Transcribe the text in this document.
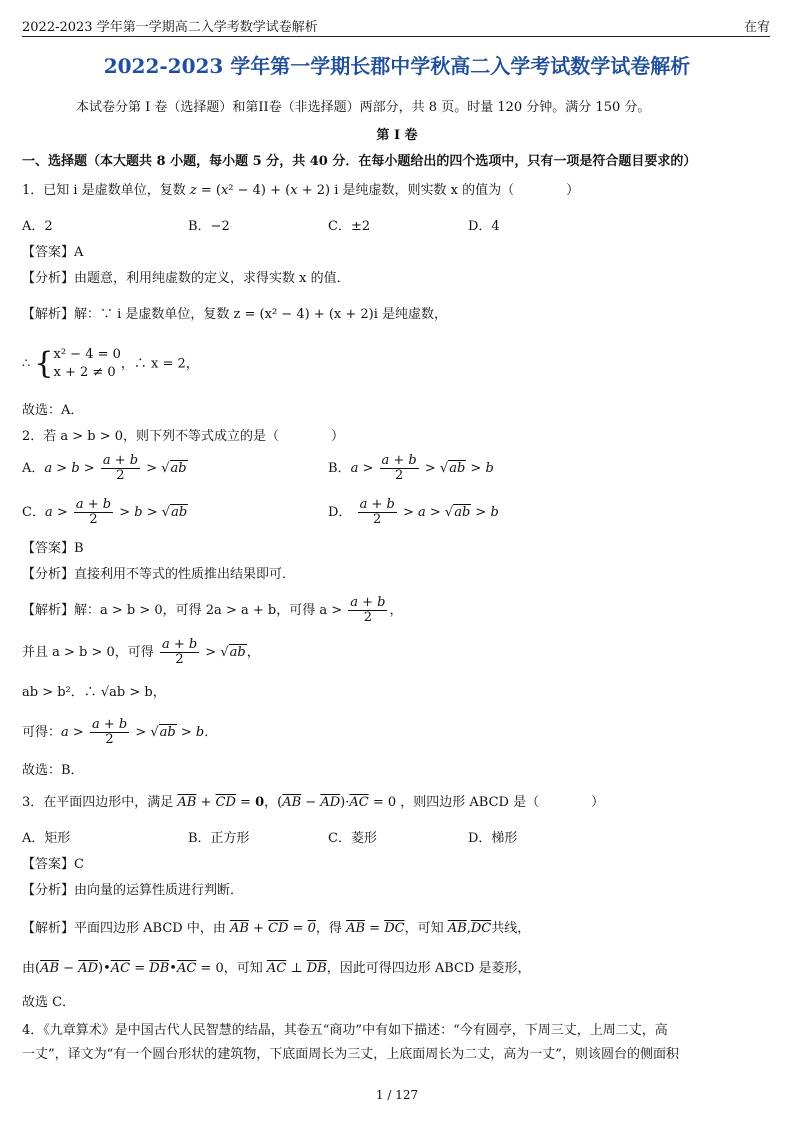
2022-2023 学年第一学期高二入学考数学试卷解析	在宥
2022-2023 学年第一学期长郡中学秋高二入学考试数学试卷解析
本试卷分第 I 卷（选择题）和第II卷（非选择题）两部分，共 8 页。时量 120 分钟。满分 150 分。
第 I 卷
一、选择题（本大题共 8 小题，每小题 5 分，共 40 分．在每小题给出的四个选项中，只有一项是符合题目要求的）
1．已知 i 是虚数单位，复数 z = (x² − 4) + (x + 2) i 是纯虚数，则实数 x 的值为（　　　　）
A．2	B．−2	C．±2	D．4
【答案】A
【分析】由题意，利用纯虚数的定义，求得实数 x 的值．
【解析】解：∵ i 是虚数单位，复数 z = (x² − 4) + (x + 2)i 是纯虚数，
∴ {x² − 4 = 0
x + 2 ≠ 0，∴ x = 2，
故选：A．
2．若 a > b > 0，则下列不等式成立的是（　　　　）
A．$a > b > \frac{a + b}{2} > √ab$	B．$a > \frac{a + b}{2} > √ab > b$
C．$a > \frac{a + b}{2} > b > √ab$	D． $\frac{a + b}{2} > a > √ab > b$
【答案】B
【分析】直接利用不等式的性质推出结果即可．
【解析】解：a > b > 0，可得 2a > a + b，可得 $a > \frac{a + b}{2}$ ，
并且 a > b > 0，可得 $\frac{a + b}{2} > √ab$，
ab > b²．∴ √ab > b，
可得：$a > \frac{a + b}{2} > √ab > b$．
故选：B．
3．在平面四边形中，满足 $\overline{AB} + \overline{CD} = 0$，$(\overline{AB} - \overline{AD})\cdot\overline{AC} = 0$ ，则四边形 ABCD 是（　　　　）
A．矩形	B．正方形	C．菱形	D．梯形
【答案】C
【分析】由向量的运算性质进行判断．
【解析】平面四边形 ABCD 中，由 $\overline{AB} + \overline{CD} = 0$，得 $\overline{AB} = \overline{DC}$，可知 $\overline{AB},\overline{DC}$共线，
由($\overline{AB}$ − $\overline{AD})•\overline{AC}$ = $\overline{DB}•\overline{AC} = 0$，可知 $\overline{AC}$ ⊥ $\overline{DB}$，因此可得四边形 ABCD 是菱形，
故选 C．
4．《九章算术》是中国古代人民智慧的结晶，其卷五“商功”中有如下描述：“今有圆亭，下周三丈，上周二丈，高
一丈”，译文为“有一个圆台形状的建筑物，下底面周长为三丈，上底面周长为二丈，高为一丈”，则该圆台的侧面积
1 / 127
